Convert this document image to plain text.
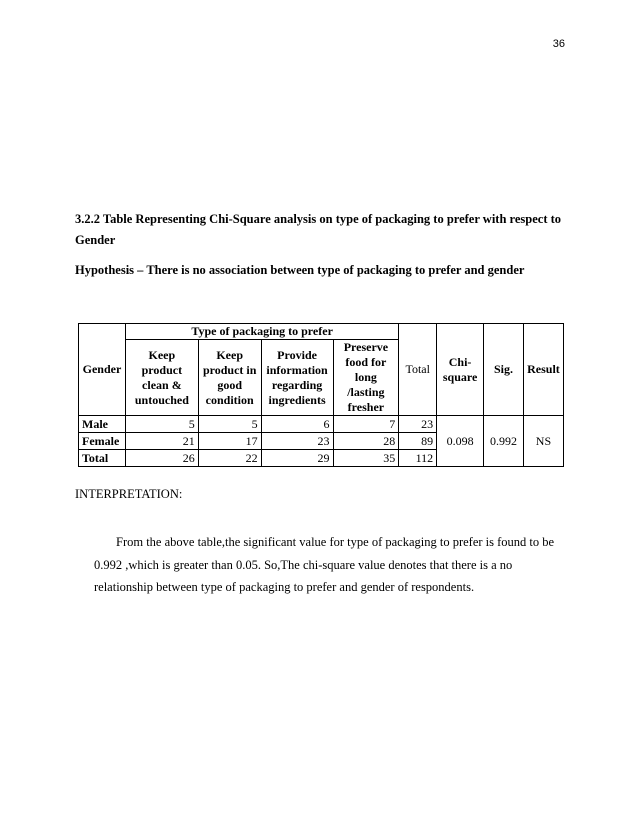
36
3.2.2 Table Representing Chi-Square analysis on type of packaging to prefer with respect to Gender
Hypothesis – There is no association between type of packaging to prefer and gender
Gender	Type of packaging to prefer				Total	Chi-square	Sig.	Result
	Keep product clean & untouched	Keep product in good condition	Provide information regarding ingredients	Preserve food for long /lasting fresher				
Male	5	5	6	7	23	0.098	0.992	NS
Female	21	17	23	28	89			
Total	26	22	29	35	112			
INTERPRETATION:

From the above table,the significant value for type of packaging to prefer is found to be 0.992 ,which is greater than 0.05. So,The chi-square value denotes that there is a no relationship between type of packaging to prefer and gender of respondents.
